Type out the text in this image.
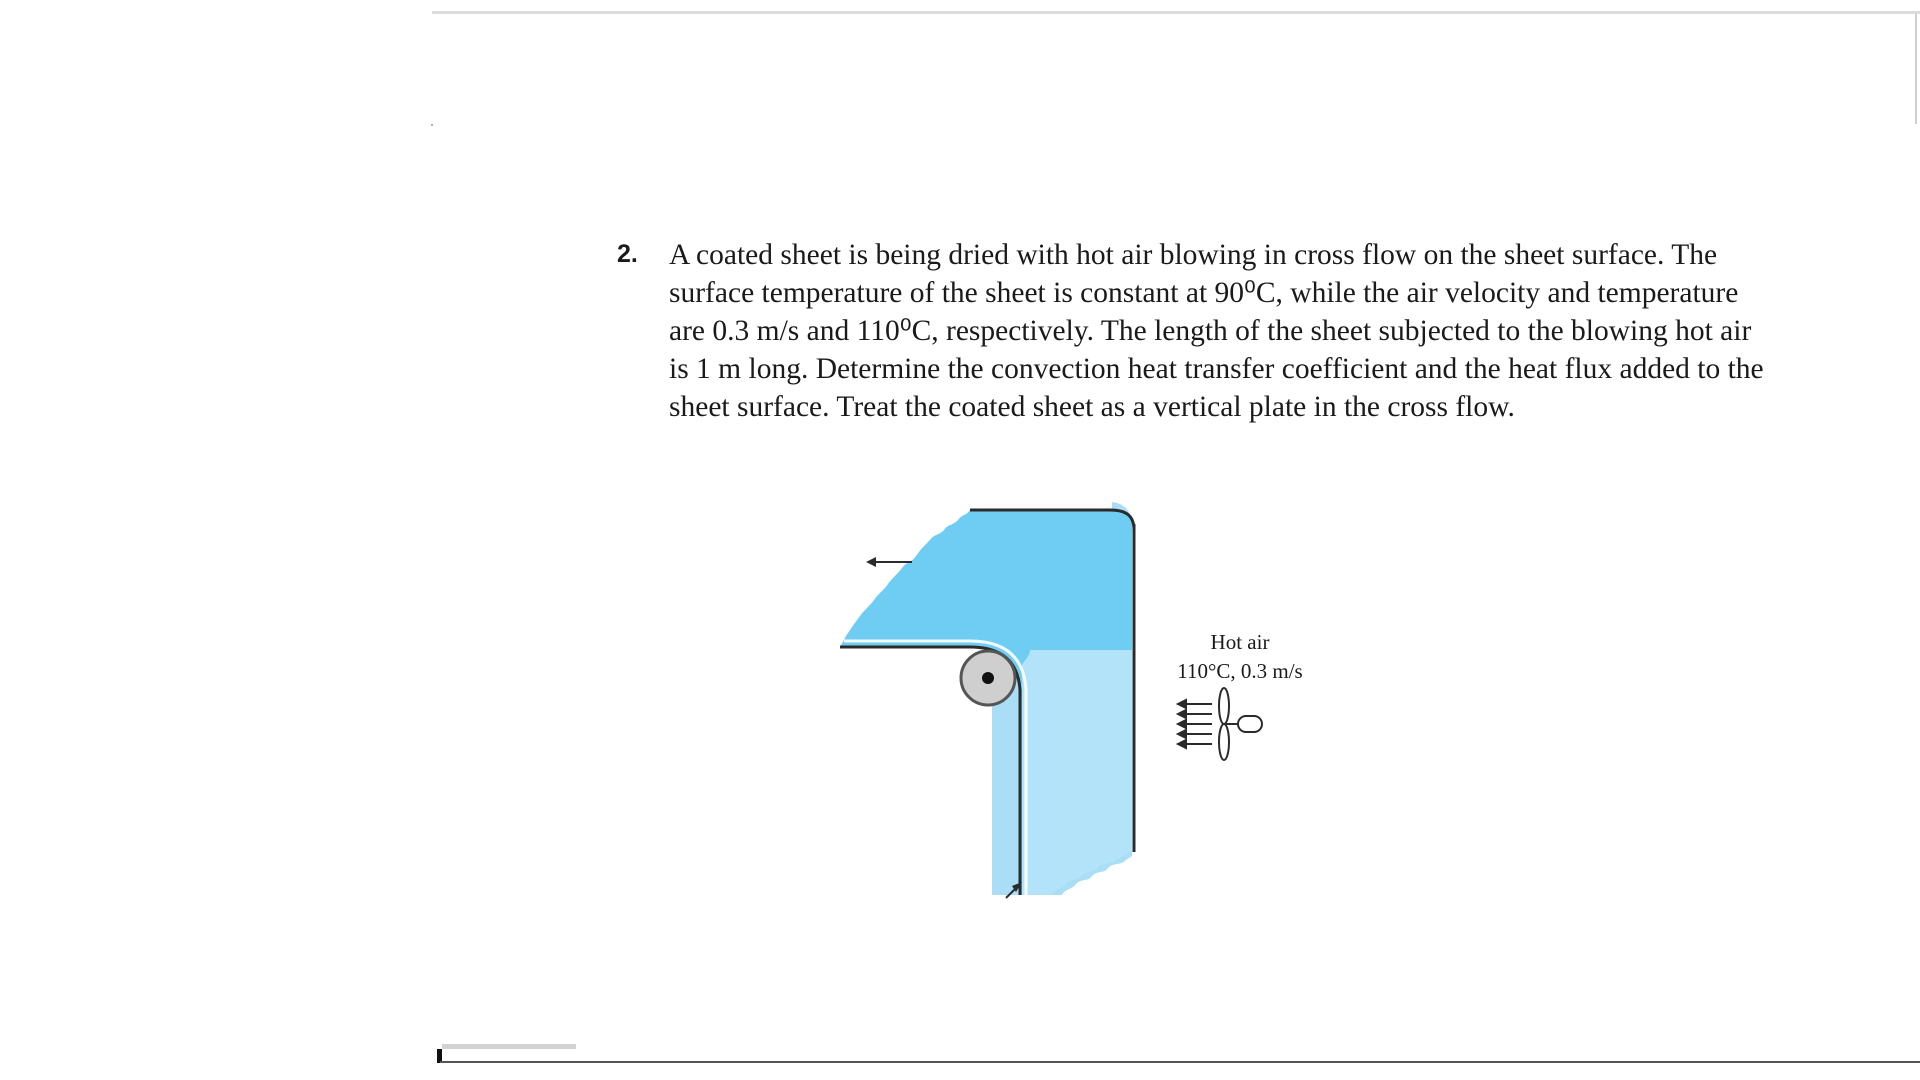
2. A coated sheet is being dried with hot air blowing in cross flow on the sheet surface. The
surface temperature of the sheet is constant at 90⁰C, while the air velocity and temperature
are 0.3 m/s and 110⁰C, respectively. The length of the sheet subjected to the blowing hot air
is 1 m long. Determine the convection heat transfer coefficient and the heat flux added to the
sheet surface. Treat the coated sheet as a vertical plate in the cross flow.
Hot air
110°C, 0.3 m/s
